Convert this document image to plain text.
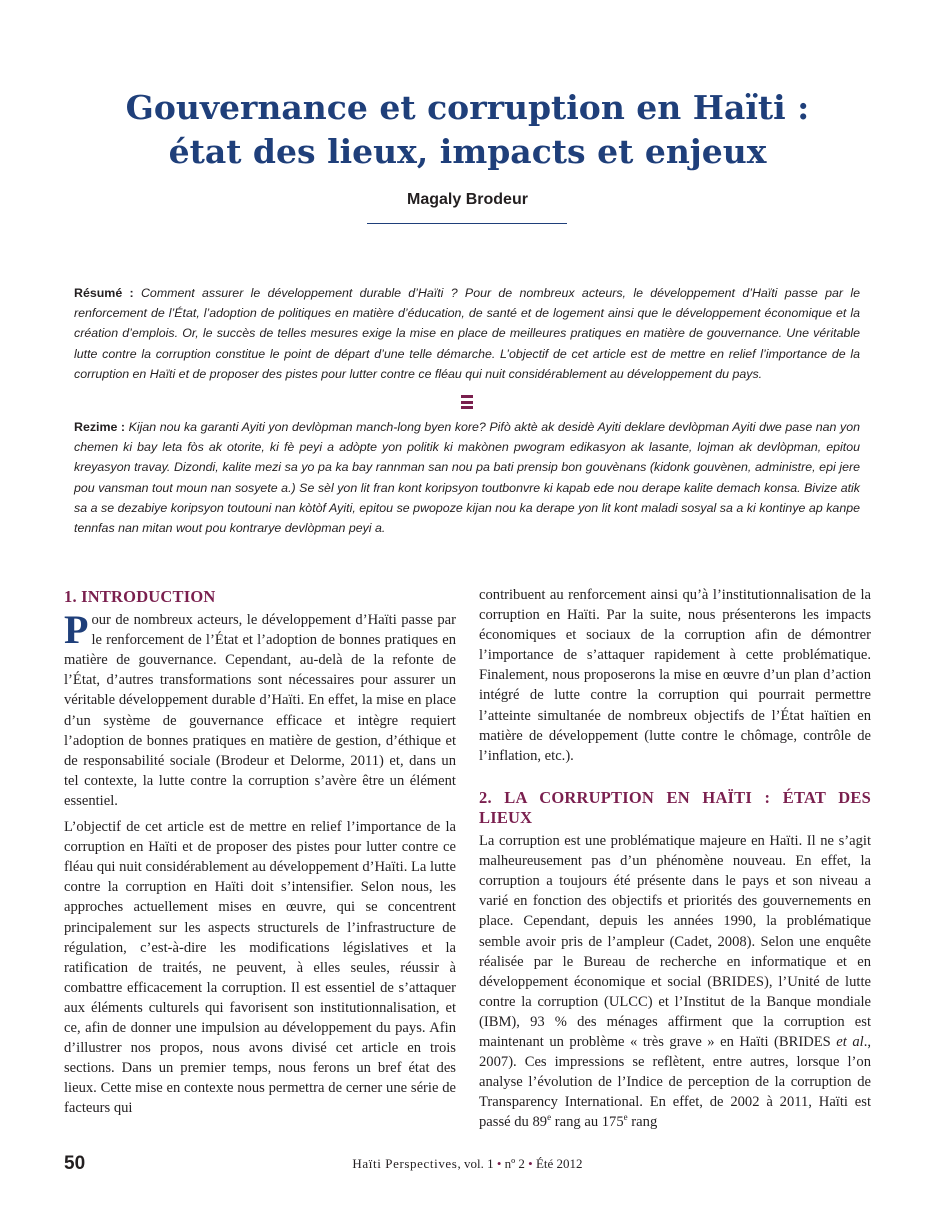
Gouvernance et corruption en Haïti :
état des lieux, impacts et enjeux
Magaly Brodeur

Résumé : Comment assurer le développement durable d’Haïti ? Pour de nombreux acteurs, le développement d’Haïti passe par le renforcement de l’État, l’adoption de politiques en matière d’éducation, de santé et de logement ainsi que le développement économique et la création d’emplois. Or, le succès de telles mesures exige la mise en place de meilleures pratiques en matière de gouvernance. Une véritable lutte contre la corruption constitue le point de départ d’une telle démarche. L’objectif de cet article est de mettre en relief l’importance de la corruption en Haïti et de proposer des pistes pour lutter contre ce fléau qui nuit considérablement au développement du pays.

Rezime : Kijan nou ka garanti Ayiti yon devlòpman manch-long byen kore? Pifò aktè ak desidè Ayiti deklare devlòpman Ayiti dwe pase nan yon chemen ki bay leta fòs ak otorite, ki fè peyi a adòpte yon politik ki makònen pwogram edikasyon ak lasante, lojman ak devlòpman, epitou kreyasyon travay. Dizondi, kalite mezi sa yo pa ka bay rannman san nou pa bati prensip bon gouvènans (kidonk gouvènen, administre, epi jere pou vansman tout moun nan sosyete a.) Se sèl yon lit fran kont koripsyon toutbonvre ki kapab ede nou derape kalite demach konsa. Bivize atik sa a se dezabiye koripsyon toutouni nan kòtòf Ayiti, epitou se pwopoze kijan nou ka derape yon lit kont maladi sosyal sa a ki kontinye ap kanpe tennfas nan mitan wout pou kontrarye devlòpman peyi a.

1. INTRODUCTION

Pour de nombreux acteurs, le développement d’Haïti passe par le renforcement de l’État et l’adoption de bonnes pratiques en matière de gouvernance. Cependant, au-delà de la refonte de l’État, d’autres transformations sont nécessaires pour assurer un véritable développement durable d’Haïti. En effet, la mise en place d’un système de gouvernance efficace et intègre requiert l’adoption de bonnes pratiques en matière de gestion, d’éthique et de responsabilité sociale (Brodeur et Delorme, 2011) et, dans un tel contexte, la lutte contre la corruption s’avère être un élément essentiel.

L’objectif de cet article est de mettre en relief l’importance de la corruption en Haïti et de proposer des pistes pour lutter contre ce fléau qui nuit considérablement au développement d’Haïti. La lutte contre la corruption en Haïti doit s’intensifier. Selon nous, les approches actuellement mises en œuvre, qui se concentrent principalement sur les aspects structurels de l’infrastructure de régulation, c’est-à-dire les modifications législatives et la ratification de traités, ne peuvent, à elles seules, réussir à combattre efficacement la corruption. Il est essentiel de s’attaquer aux éléments culturels qui favorisent son institutionnalisation, et ce, afin de donner une impulsion au développement du pays. Afin d’illustrer nos propos, nous avons divisé cet article en trois sections. Dans un premier temps, nous ferons un bref état des lieux. Cette mise en contexte nous permettra de cerner une série de facteurs qui

contribuent au renforcement ainsi qu’à l’institutionnalisation de la corruption en Haïti. Par la suite, nous présenterons les impacts économiques et sociaux de la corruption afin de démontrer l’importance de s’attaquer rapidement à cette problématique. Finalement, nous proposerons la mise en œuvre d’un plan d’action intégré de lutte contre la corruption qui pourrait permettre l’atteinte simultanée de nombreux objectifs de l’État haïtien en matière de développement (lutte contre le chômage, contrôle de l’inflation, etc.).

2. LA CORRUPTION EN HAÏTI : ÉTAT DES LIEUX

La corruption est une problématique majeure en Haïti. Il ne s’agit malheureusement pas d’un phénomène nouveau. En effet, la corruption a toujours été présente dans le pays et son niveau a varié en fonction des objectifs et priorités des gouvernements en place. Cependant, depuis les années 1990, la problématique semble avoir pris de l’ampleur (Cadet, 2008). Selon une enquête réalisée par le Bureau de recherche en informatique et en développement économique et social (BRIDES), l’Unité de lutte contre la corruption (ULCC) et l’Institut de la Banque mondiale (IBM), 93 % des ménages affirment que la corruption est maintenant un problème « très grave » en Haïti (BRIDES et al., 2007). Ces impressions se reflètent, entre autres, lorsque l’on analyse l’évolution de l’Indice de perception de la corruption de Transparency International. En effet, de 2002 à 2011, Haïti est passé du 89e rang au 175e rang

50	Haïti Perspectives, vol. 1 • nº 2 • Été 2012
